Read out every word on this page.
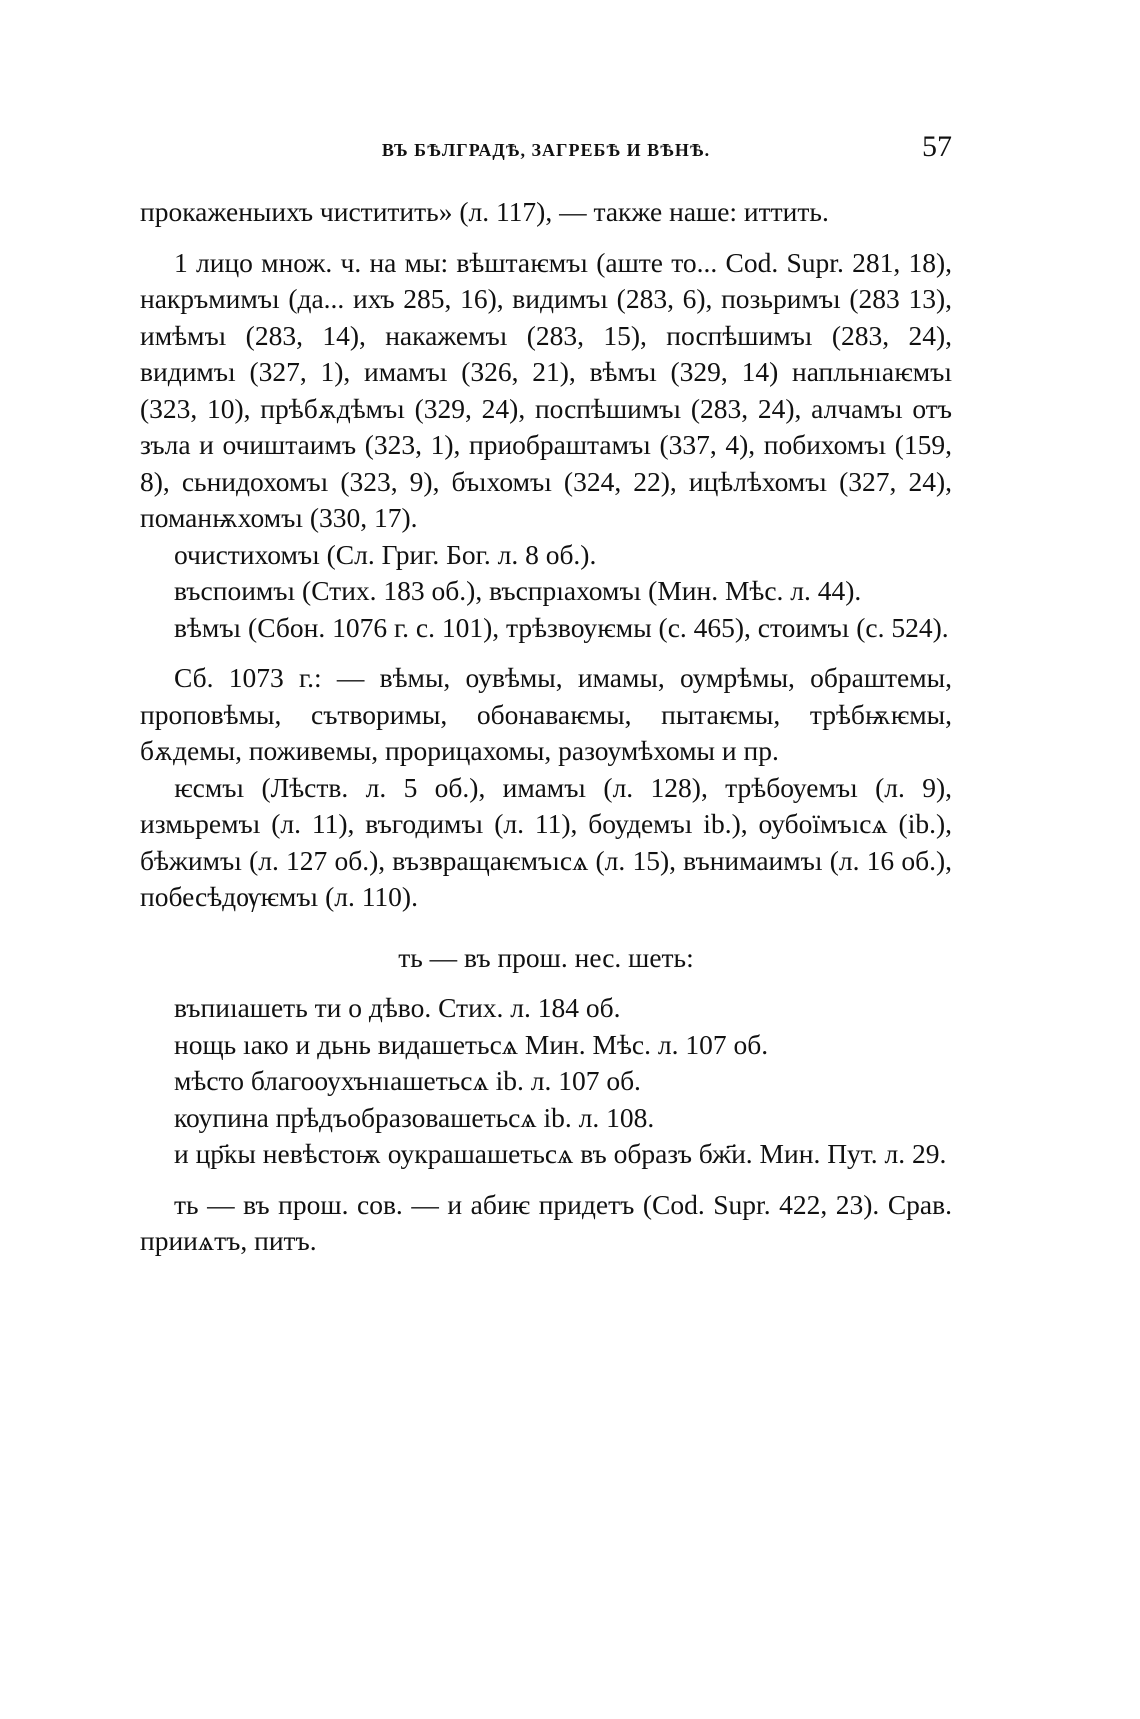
ВЪ БѢЛГРАДѢ, ЗАГРЕБѢ И ВѢНѢ.	57

прокаженыихъ чиститить» (л. 117), — также наше: иттить.

1 лицо множ. ч. на мы: вѣштаѥмъı (аште то... Cod. Supr. 281, 18), накръмимъı (да... ихъ 285, 16), видимъı (283, 6), позьримъı (283 13), имѣмъı (283, 14), накажемъı (283, 15), поспѣшимъı (283, 24), видимъı (327, 1), имамъı (326, 21), вѣмъı (329, 14) напльнıаѥмъı (323, 10), прѣбѫдѣмъı (329, 24), поспѣшимъı (283, 24), алчамъı отъ зъла и очиштаимъ (323, 1), приобраштамъı (337, 4), побихомъı (159, 8), сьнидохомъı (323, 9), бъıхомъı (324, 22), ицѣлѣхомъı (327, 24), поманѭхомъı (330, 17).

очистихомъı (Сл. Григ. Бог. л. 8 об.).

въспоимъı (Стих. 183 об.), въспрıахомъı (Мин. Мѣс. л. 44).

вѣмъı (Сбон. 1076 г. с. 101), трѣзвоуѥмы (с. 465), стоимъı (с. 524).

Сб. 1073 г.: — вѣмы, оувѣмы, имамы, оумрѣмы, обраштемы, проповѣмы, сътворимы, обонаваѥмы, пытаѥмы, трѣбѭѥмы, бѫдемы, поживемы, прорицахомы, разоумѣхомы и пр.

ѥсмъı (Лѣств. л. 5 об.), имамъı (л. 128), трѣбоуемъı (л. 9), измьремъı (л. 11), въгодимъı (л. 11), боудемъı ib.), оубоїмъıсѧ (ib.), бѣжимъı (л. 127 об.), възвращаѥмъıсѧ (л. 15), вънимаимъı (л. 16 об.), побесѣдѹѥмъı (л. 110).

ть — въ прош. нес. шеть:

въпиıашеть ти о дѣво. Стих. л. 184 об.

нощь ıако и дьнь видашетьсѧ Мин. Мѣс. л. 107 об.

мѣсто благооухънıашетьсѧ ib. л. 107 об.

коупина прѣдъобразовашетьсѧ ib. л. 108.

и цр҃кы невѣстоѭ оукрашашетьсѧ въ образъ бж҃и. Мин. Пут. л. 29.

ть — въ прош. сов. — и абиѥ придетъ (Cod. Supr. 422, 23). Срав. прииѧтъ, питъ.
